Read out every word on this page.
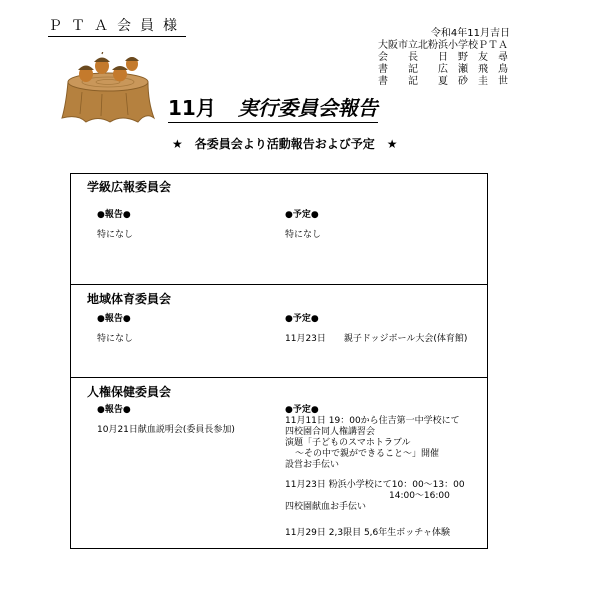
ＰＴＡ会員様	令和4年11月吉日
大阪市立北粉浜小学校ＰＴＡ
会　　長 日　野　友　尋
書　　記 広　瀬　飛　鳥
書　　記 夏　砂　圭　世
11月 実行委員会報告
★ 各委員会より活動報告および予定 ★
学級広報委員会
●報告●
特になし
●予定●
特になし
地域体育委員会
●報告●
特になし
●予定●
11月23日 親子ドッジボール大会(体育館)
人権保健委員会
●報告●
10月21日献血説明会(委員長参加)
●予定●
11月11日 19：00から住吉第一中学校にて
四校園合同人権講習会
演題「子どものスマホトラブル
～その中で親ができること～」開催
設営お手伝い
11月23日 粉浜小学校にて10：00～13：00
14:00～16:00
四校園献血お手伝い
11月29日 2,3限目 5,6年生ボッチャ体験
